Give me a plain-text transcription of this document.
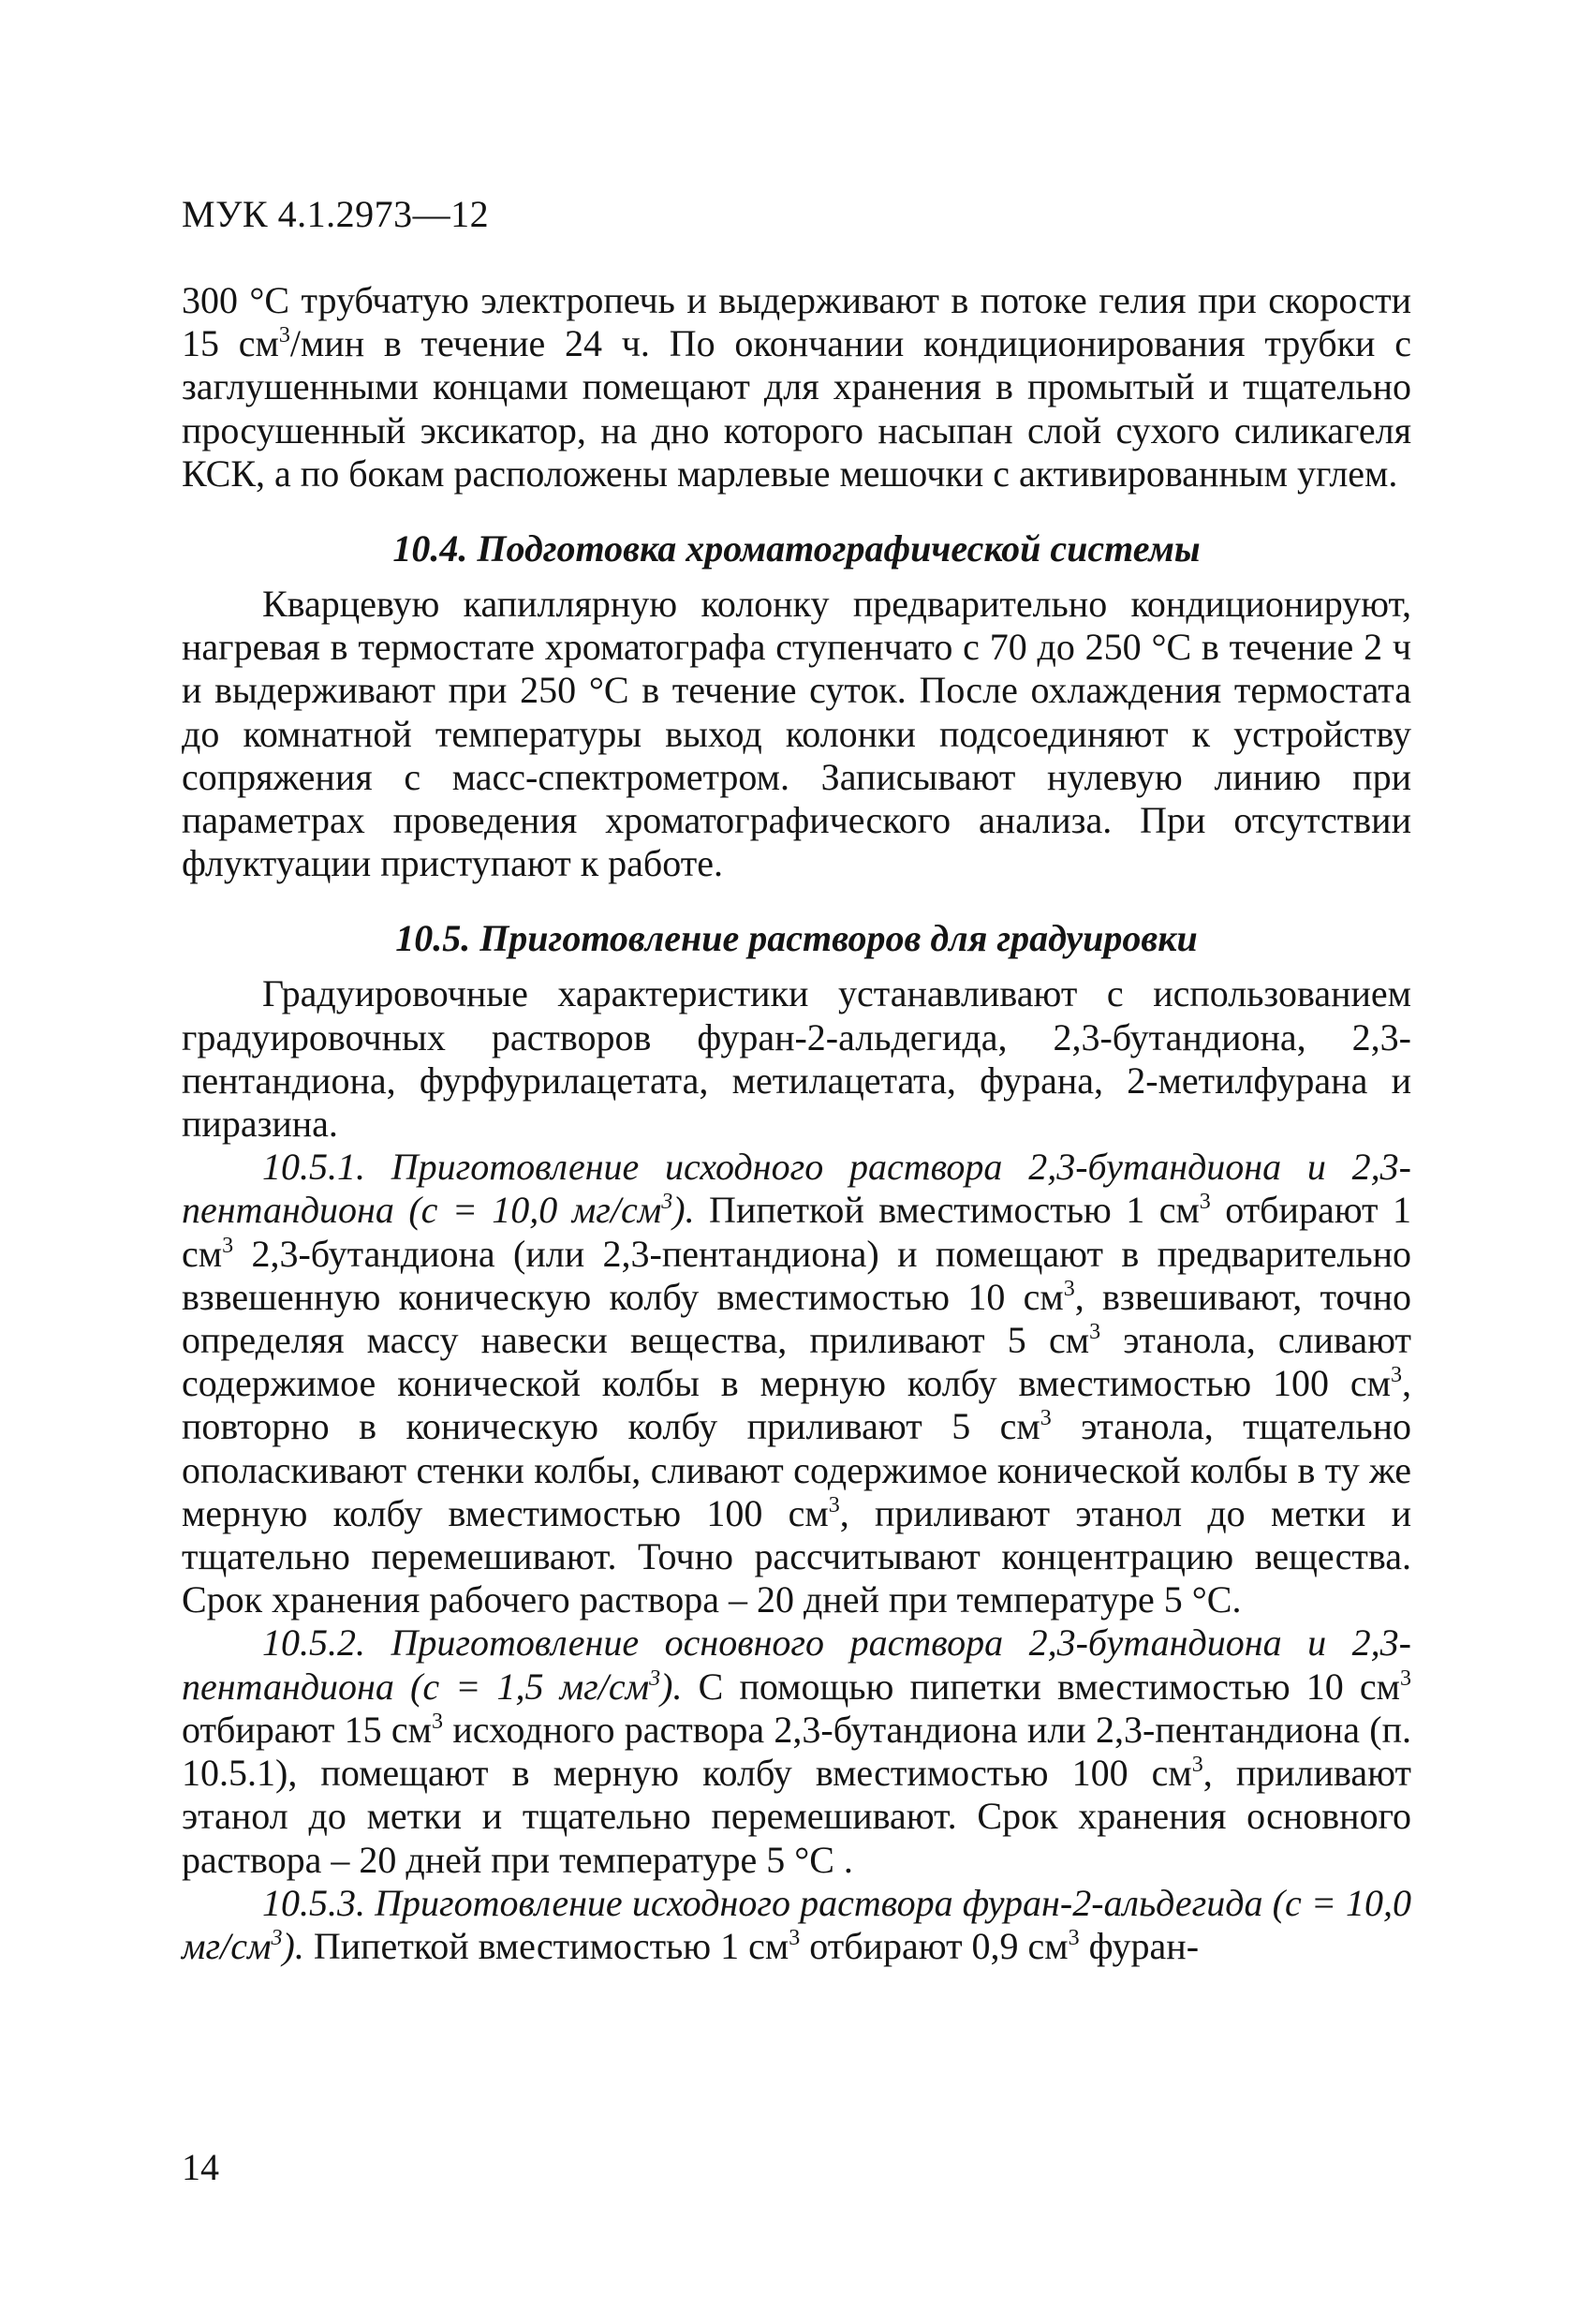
МУК 4.1.2973—12

300 °С трубчатую электропечь и выдерживают в потоке гелия при скорости 15 $см^3$/мин в течение 24 ч. По окончании кондиционирования трубки с заглушенными концами помещают для хранения в промытый и тщательно просушенный эксикатор, на дно которого насыпан слой сухого силикагеля КСК, а по бокам расположены марлевые мешочки с активированным углем.

10.4. Подготовка хроматографической системы

Кварцевую капиллярную колонку предварительно кондиционируют, нагревая в термостате хроматографа ступенчато с 70 до 250 °С в течение 2 ч и выдерживают при 250 °С в течение суток. После охлаждения термостата до комнатной температуры выход колонки подсоединяют к устройству сопряжения с масс-спектрометром. Записывают нулевую линию при параметрах проведения хроматографического анализа. При отсутствии флуктуации приступают к работе.

10.5. Приготовление растворов для градуировки

Градуировочные характеристики устанавливают с использованием градуировочных растворов фуран-2-альдегида, 2,3-бутандиона, 2,3-пентандиона, фурфурилацетата, метилацетата, фурана, 2-метилфурана и пиразина.

10.5.1. Приготовление исходного раствора 2,3-бутандиона и 2,3-пентандиона (с = 10,0 $мг/см^3$). Пипеткой вместимостью 1 $см^3$ отбирают 1 $см^3$ 2,3-бутандиона (или 2,3-пентандиона) и помещают в предварительно взвешенную коническую колбу вместимостью 10 $см^3$, взвешивают, точно определяя массу навески вещества, приливают 5 $см^3$ этанола, сливают содержимое конической колбы в мерную колбу вместимостью 100 $см^3$, повторно в коническую колбу приливают 5 $см^3$ этанола, тщательно ополаскивают стенки колбы, сливают содержимое конической колбы в ту же мерную колбу вместимостью 100 $см^3$, приливают этанол до метки и тщательно перемешивают. Точно рассчитывают концентрацию вещества. Срок хранения рабочего раствора – 20 дней при температуре 5 °С.

10.5.2. Приготовление основного раствора 2,3-бутандиона и 2,3-пентандиона (с = 1,5 $мг/см^3$). С помощью пипетки вместимостью 10 $см^3$ отбирают 15 $см^3$ исходного раствора 2,3-бутандиона или 2,3-пентандиона (п. 10.5.1), помещают в мерную колбу вместимостью 100 $см^3$, приливают этанол до метки и тщательно перемешивают. Срок хранения основного раствора – 20 дней при температуре 5 °С .

10.5.3. Приготовление исходного раствора фуран-2-альдегида (с = 10,0 $мг/см^3$). Пипеткой вместимостью 1 $см^3$ отбирают 0,9 $см^3$ фуран-

14
